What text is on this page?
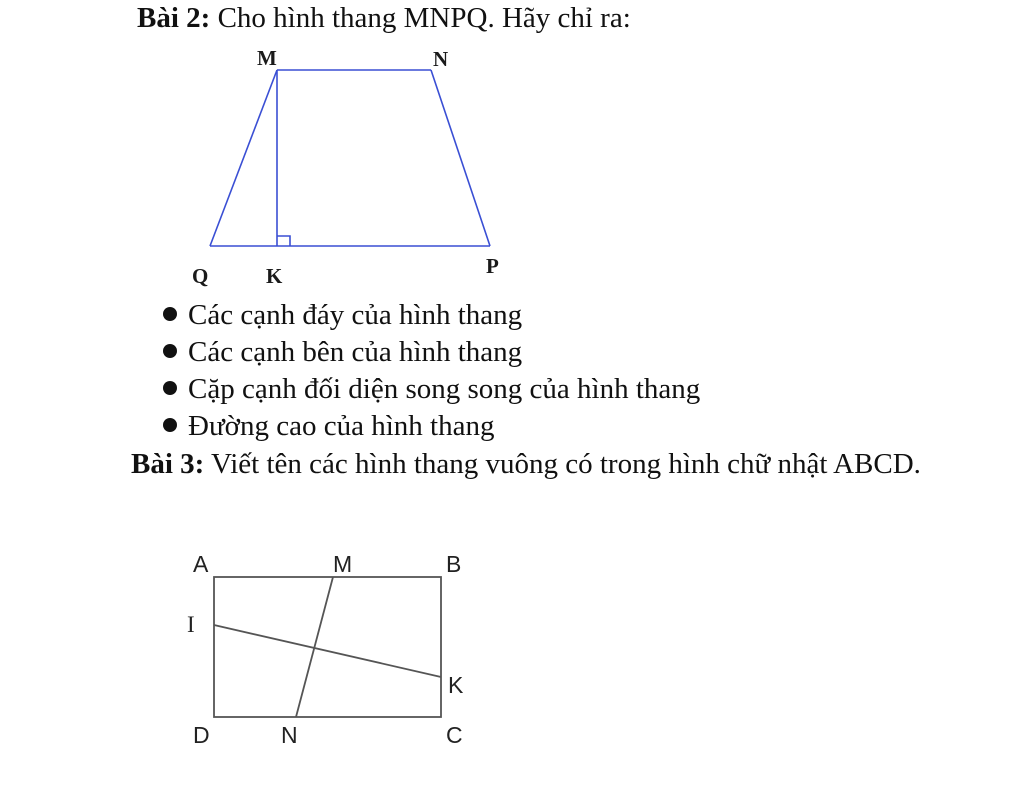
Bài 2: Cho hình thang MNPQ. Hãy chỉ ra:
M	N
P
Q	K
Các cạnh đáy của hình thang
Các cạnh bên của hình thang
Cặp cạnh đối diện song song của hình thang
Đường cao của hình thang
Bài 3: Viết tên các hình thang vuông có trong hình chữ nhật ABCD.
A	M	B
I
K
D	N	C
